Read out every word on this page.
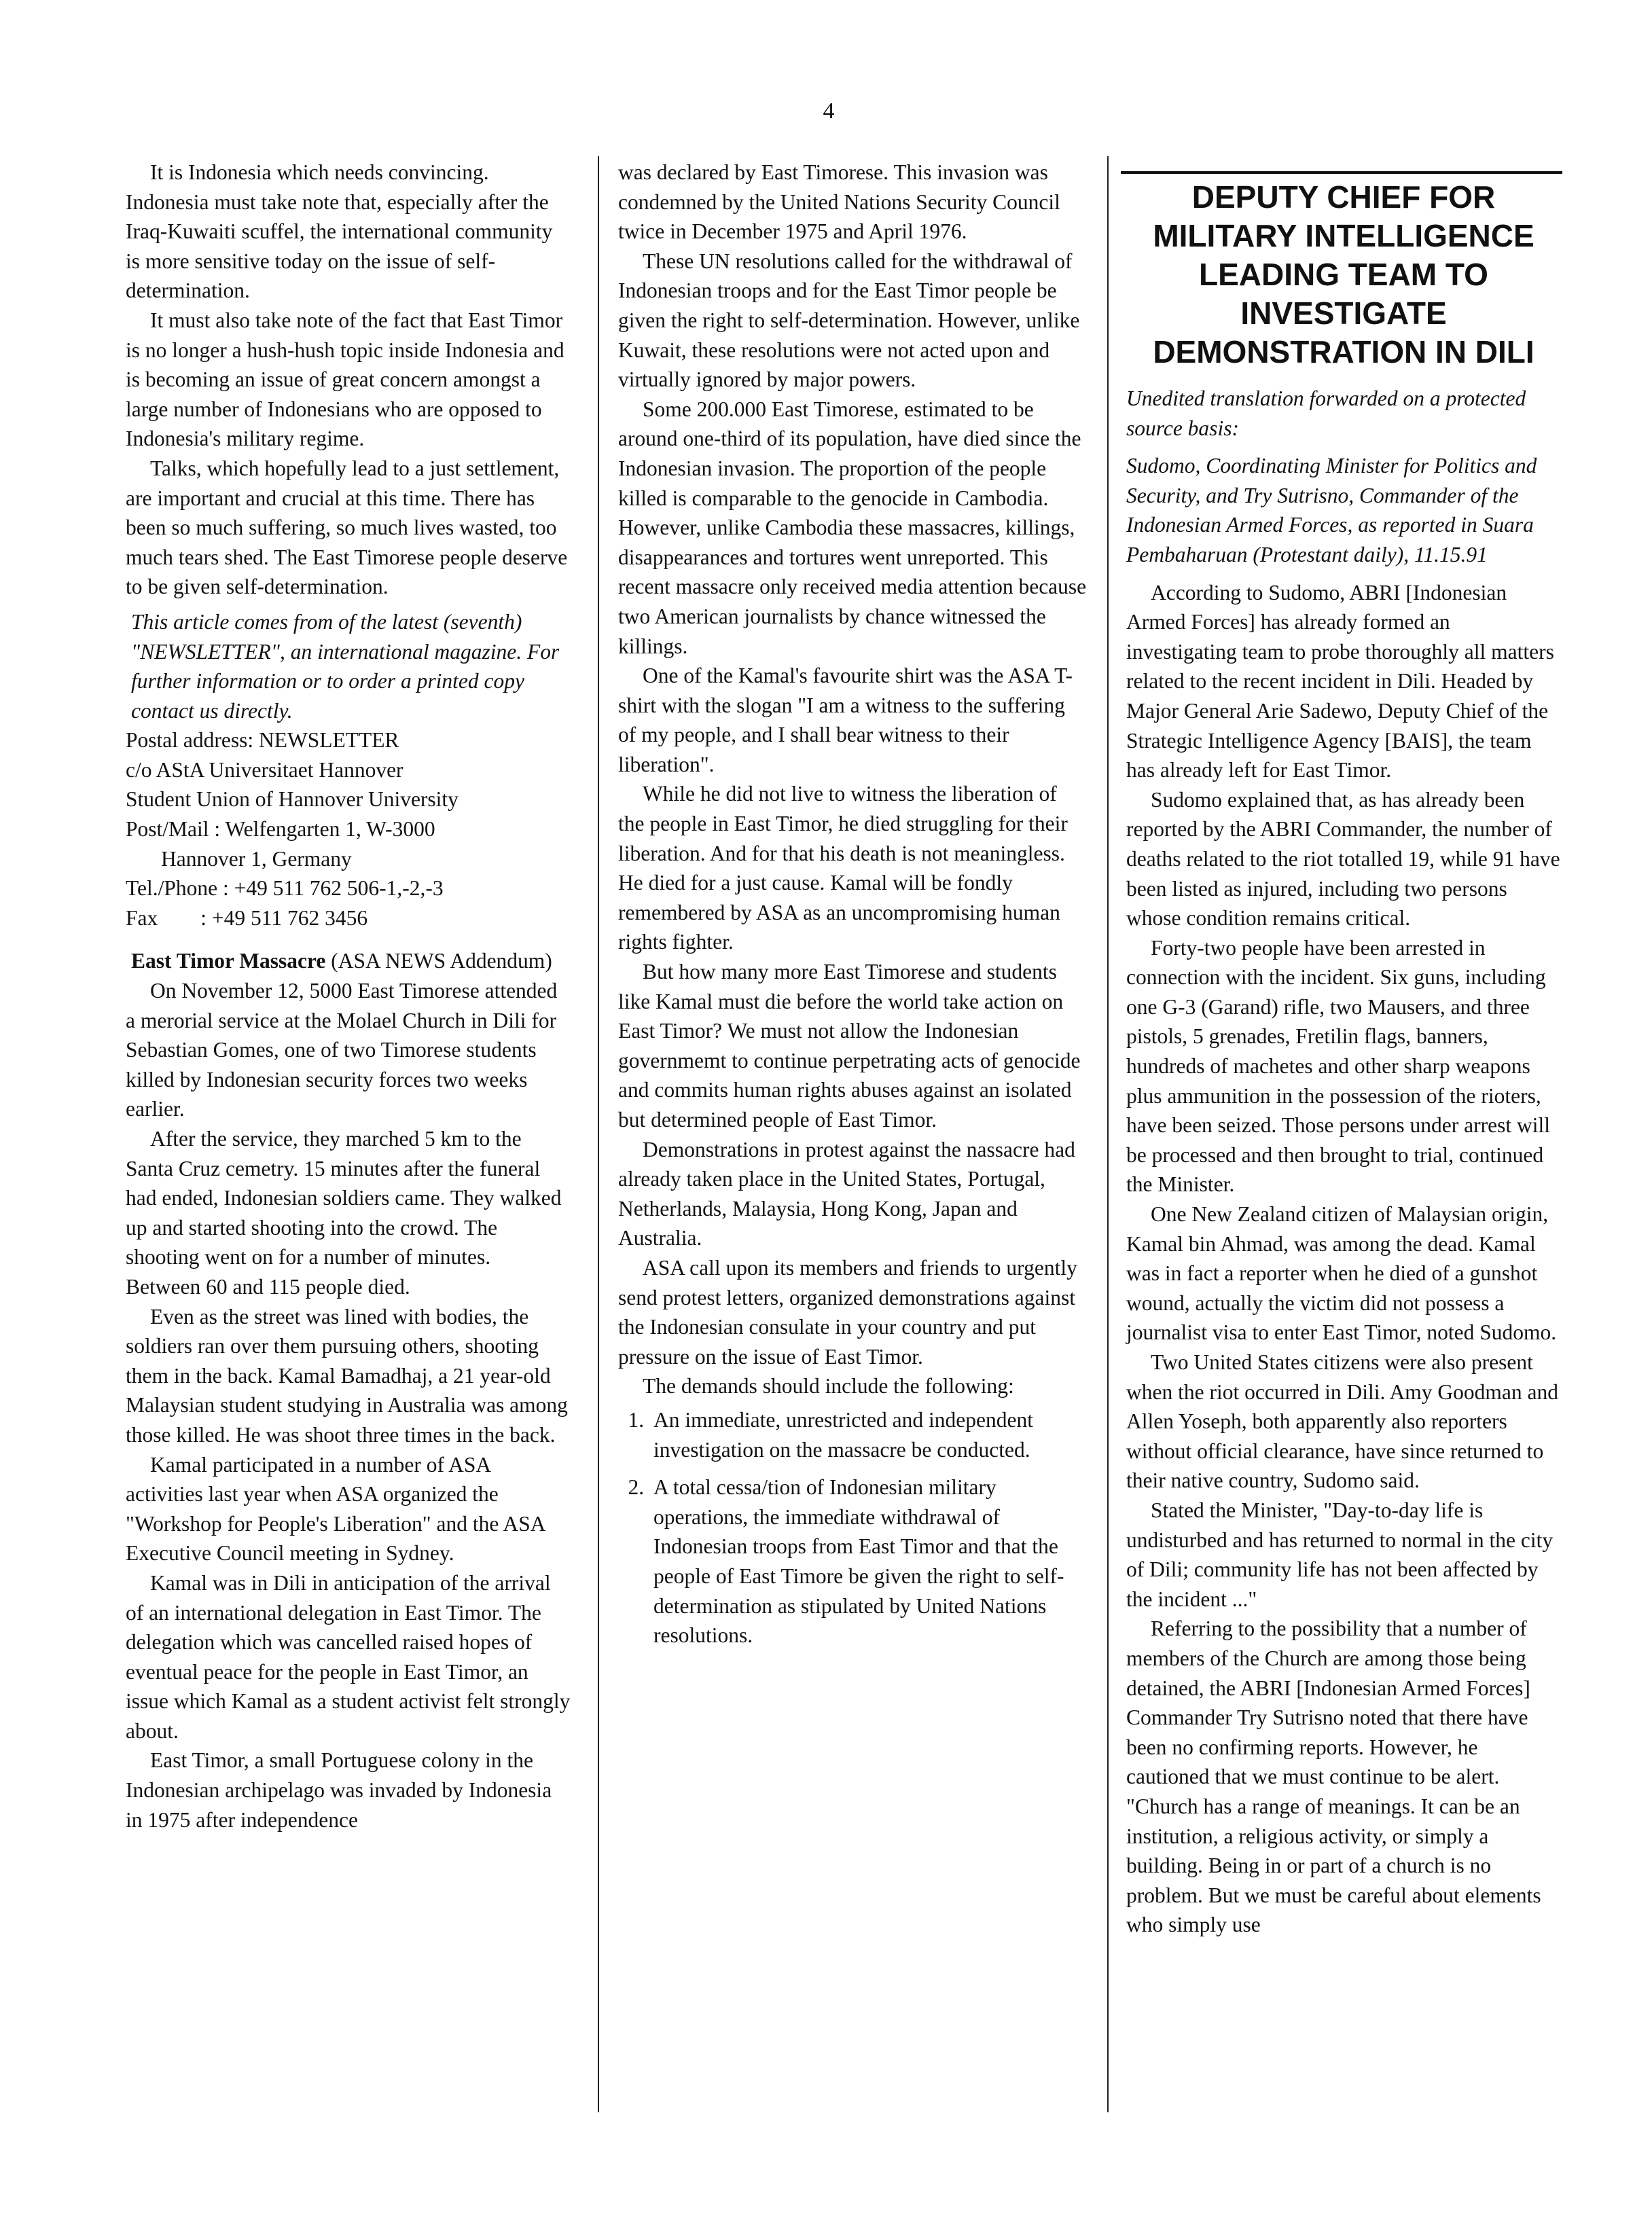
4

It is Indonesia which needs convincing. Indonesia must take note that, especially after the Iraq-Kuwaiti scuffel, the international community is more sensitive today on the issue of self-determination.

It must also take note of the fact that East Timor is no longer a hush-hush topic inside Indonesia and is becoming an issue of great concern amongst a large number of Indonesians who are opposed to Indonesia's military regime.

Talks, which hopefully lead to a just settlement, are important and crucial at this time. There has been so much suffering, so much lives wasted, too much tears shed. The East Timorese people deserve to be given self-determination.

This article comes from of the latest (seventh) "NEWSLETTER", an international magazine. For further information or to order a printed copy contact us directly.

Postal address: NEWSLETTER
c/o AStA Universitaet Hannover
Student Union of Hannover University
Post/Mail : Welfengarten 1, W-3000
Hannover 1, Germany
Tel./Phone : +49 511 762 506-1,-2,-3
Fax        : +49 511 762 3456

East Timor Massacre (ASA NEWS Addendum)

On November 12, 5000 East Timorese attended a merorial service at the Molael Church in Dili for Sebastian Gomes, one of two Timorese students killed by Indonesian security forces two weeks earlier.

After the service, they marched 5 km to the Santa Cruz cemetry. 15 minutes after the funeral had ended, Indonesian soldiers came. They walked up and started shooting into the crowd. The shooting went on for a number of minutes. Between 60 and 115 people died.

Even as the street was lined with bodies, the soldiers ran over them pursuing others, shooting them in the back. Kamal Bamadhaj, a 21 year-old Malaysian student studying in Australia was among those killed. He was shoot three times in the back.

Kamal participated in a number of ASA activities last year when ASA organized the "Workshop for People's Liberation" and the ASA Executive Council meeting in Sydney.

Kamal was in Dili in anticipation of the arrival of an international delegation in East Timor. The delegation which was cancelled raised hopes of eventual peace for the people in East Timor, an issue which Kamal as a student activist felt strongly about.

East Timor, a small Portuguese colony in the Indonesian archipelago was invaded by Indonesia in 1975 after independence

was declared by East Timorese. This invasion was condemned by the United Nations Security Council twice in December 1975 and April 1976.

These UN resolutions called for the withdrawal of Indonesian troops and for the East Timor people be given the right to self-determination. However, unlike Kuwait, these resolutions were not acted upon and virtually ignored by major powers.

Some 200.000 East Timorese, estimated to be around one-third of its population, have died since the Indonesian invasion. The proportion of the people killed is comparable to the genocide in Cambodia. However, unlike Cambodia these massacres, killings, disappearances and tortures went unreported. This recent massacre only received media attention because two American journalists by chance witnessed the killings.

One of the Kamal's favourite shirt was the ASA T-shirt with the slogan "I am a witness to the suffering of my people, and I shall bear witness to their liberation".

While he did not live to witness the liberation of the people in East Timor, he died struggling for their liberation. And for that his death is not meaningless. He died for a just cause. Kamal will be fondly remembered by ASA as an uncompromising human rights fighter.

But how many more East Timorese and students like Kamal must die before the world take action on East Timor? We must not allow the Indonesian governmemt to continue perpetrating acts of genocide and commits human rights abuses against an isolated but determined people of East Timor.

Demonstrations in protest against the nassacre had already taken place in the United States, Portugal, Netherlands, Malaysia, Hong Kong, Japan and Australia.

ASA call upon its members and friends to urgently send protest letters, organized demonstrations against the Indonesian consulate in your country and put pressure on the issue of East Timor.

The demands should include the following:

1. An immediate, unrestricted and independent investigation on the massacre be conducted.
2. A total cessa/tion of Indonesian military operations, the immediate withdrawal of Indonesian troops from East Timor and that the people of East Timore be given the right to self-determination as stipulated by United Nations resolutions.
DEPUTY CHIEF FOR MILITARY INTELLIGENCE LEADING TEAM TO INVESTIGATE DEMONSTRATION IN DILI

Unedited translation forwarded on a protected source basis:

Sudomo, Coordinating Minister for Politics and Security, and Try Sutrisno, Commander of the Indonesian Armed Forces, as reported in Suara Pembaharuan (Protestant daily), 11.15.91

According to Sudomo, ABRI [Indonesian Armed Forces] has already formed an investigating team to probe thoroughly all matters related to the recent incident in Dili. Headed by Major General Arie Sadewo, Deputy Chief of the Strategic Intelligence Agency [BAIS], the team has already left for East Timor.

Sudomo explained that, as has already been reported by the ABRI Commander, the number of deaths related to the riot totalled 19, while 91 have been listed as injured, including two persons whose condition remains critical.

Forty-two people have been arrested in connection with the incident. Six guns, including one G-3 (Garand) rifle, two Mausers, and three pistols, 5 grenades, Fretilin flags, banners, hundreds of machetes and other sharp weapons plus ammunition in the possession of the rioters, have been seized. Those persons under arrest will be processed and then brought to trial, continued the Minister.

One New Zealand citizen of Malaysian origin, Kamal bin Ahmad, was among the dead. Kamal was in fact a reporter when he died of a gunshot wound, actually the victim did not possess a journalist visa to enter East Timor, noted Sudomo.

Two United States citizens were also present when the riot occurred in Dili. Amy Goodman and Allen Yoseph, both apparently also reporters without official clearance, have since returned to their native country, Sudomo said.

Stated the Minister, "Day-to-day life is undisturbed and has returned to normal in the city of Dili; community life has not been affected by the incident ..."

Referring to the possibility that a number of members of the Church are among those being detained, the ABRI [Indonesian Armed Forces] Commander Try Sutrisno noted that there have been no confirming reports. However, he cautioned that we must continue to be alert. "Church has a range of meanings. It can be an institution, a religious activity, or simply a building. Being in or part of a church is no problem. But we must be careful about elements who simply use
